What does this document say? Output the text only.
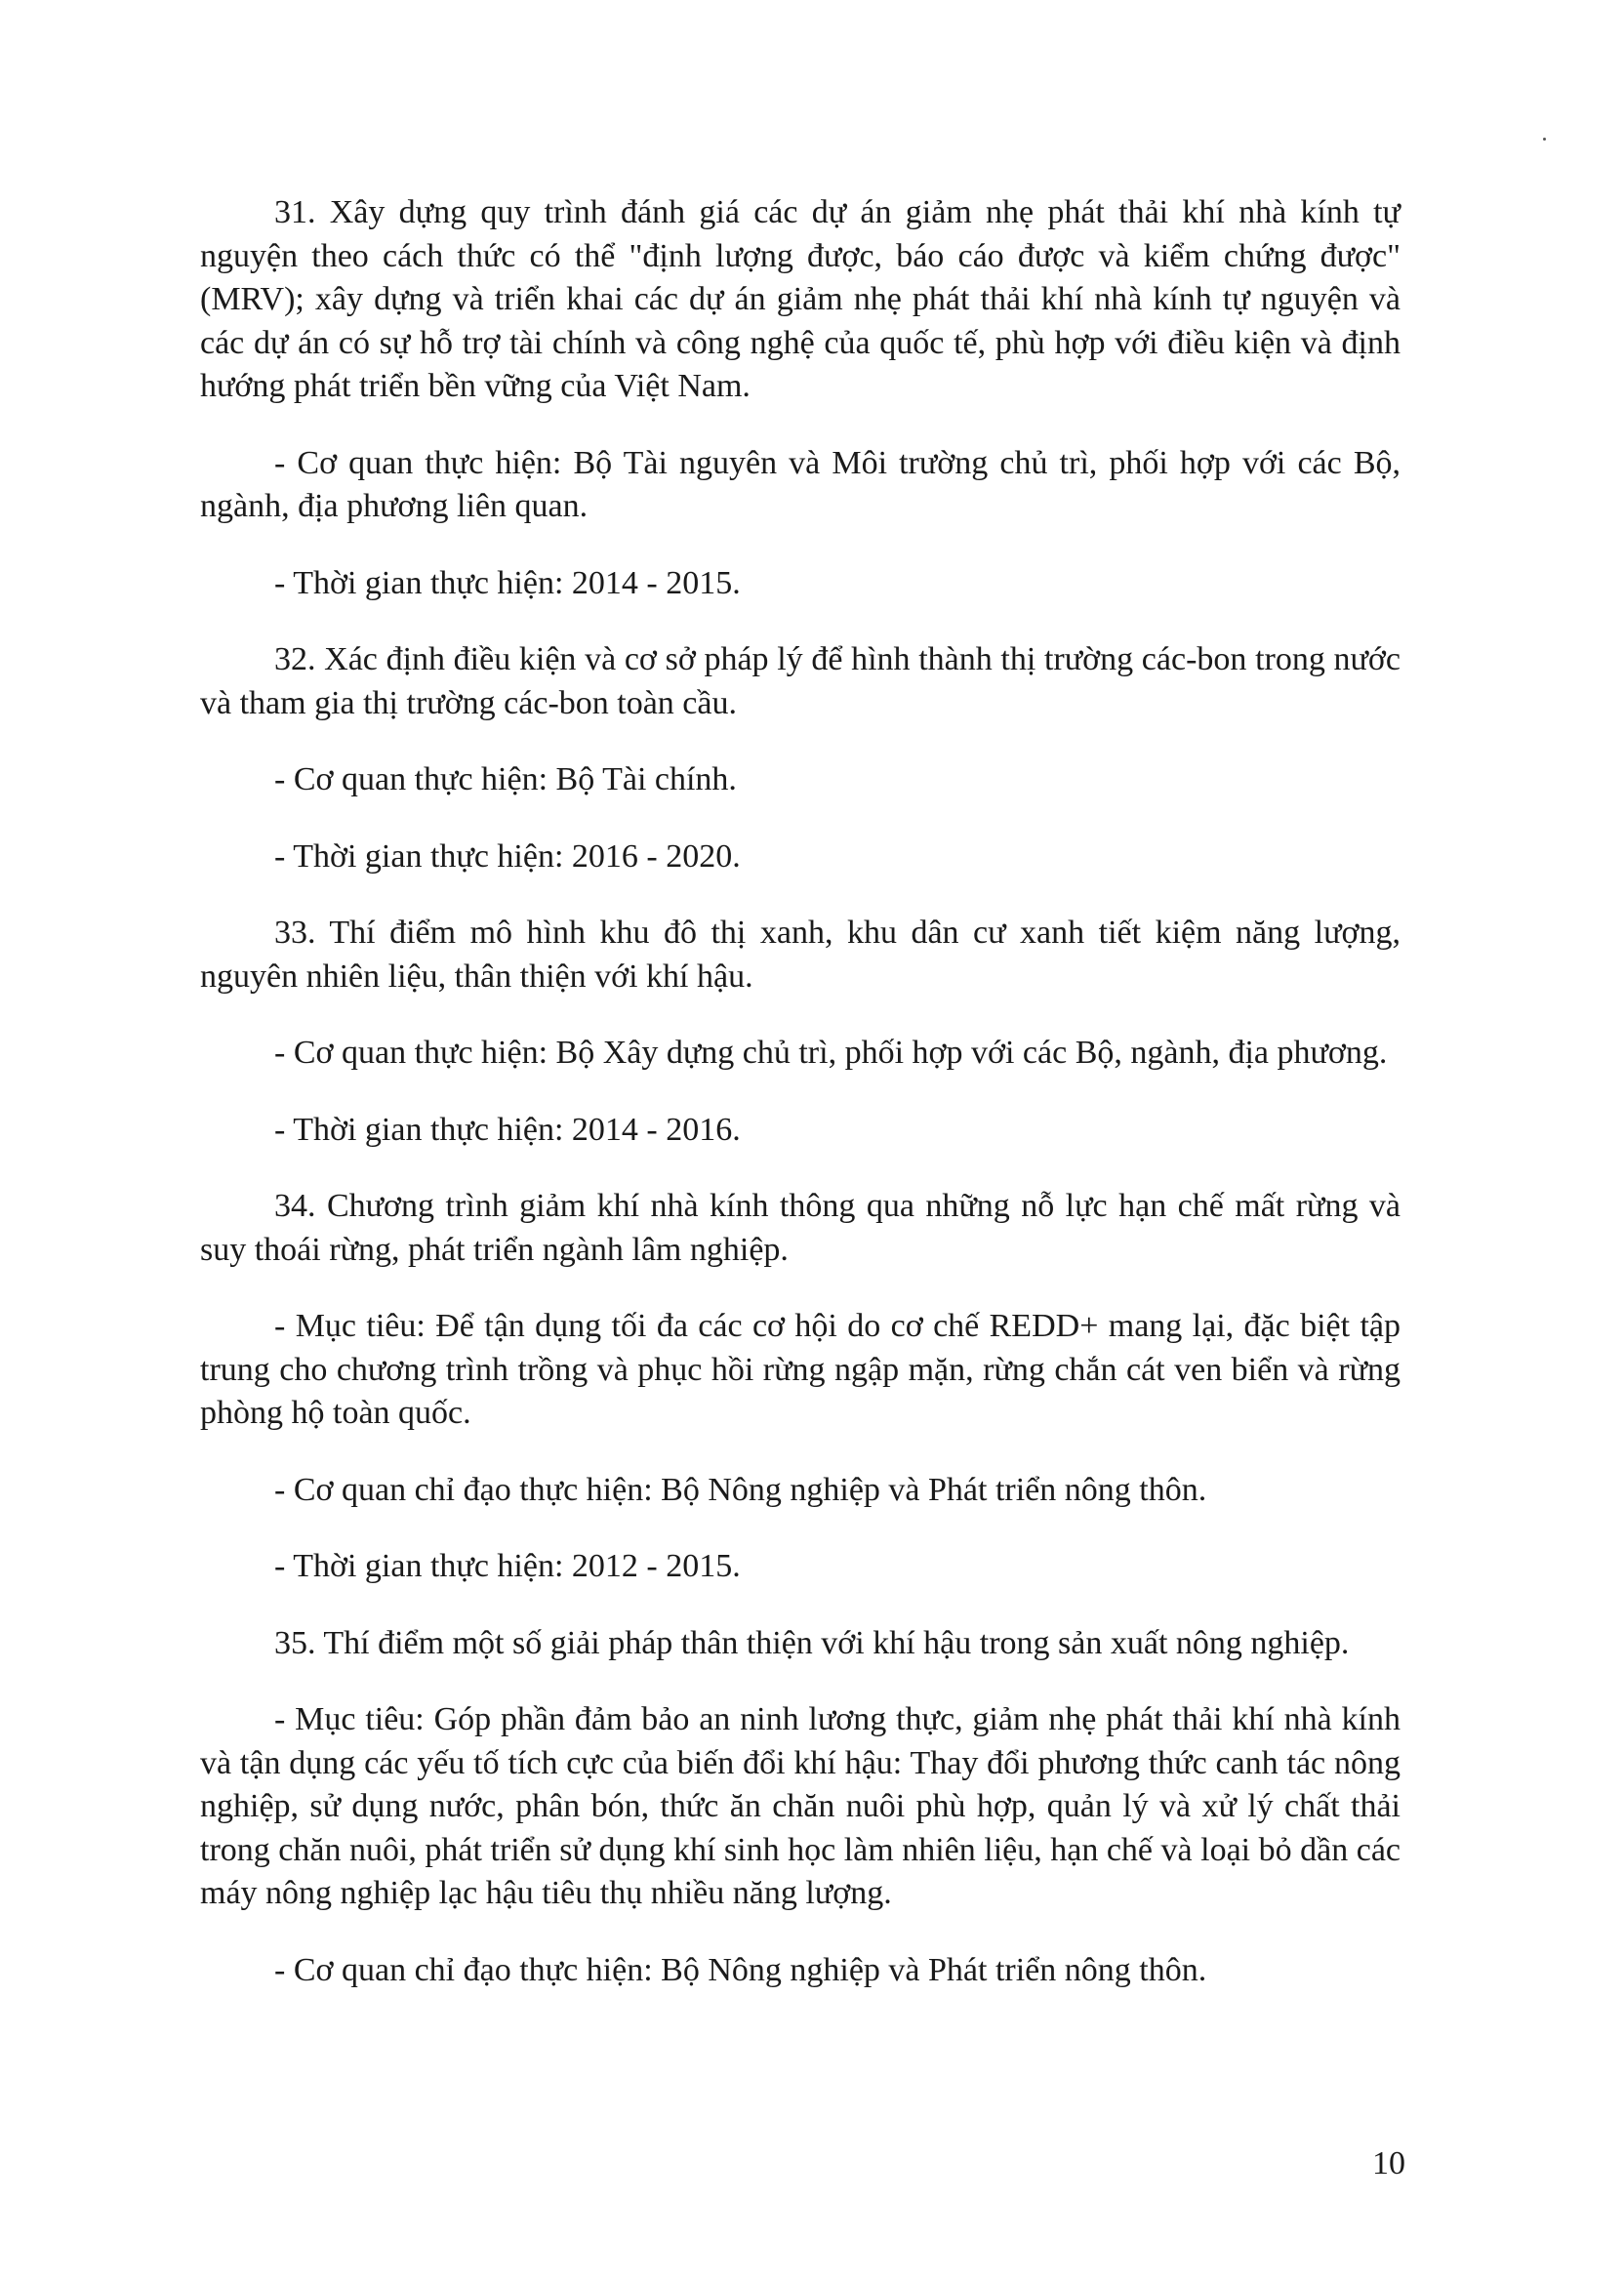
31. Xây dựng quy trình đánh giá các dự án giảm nhẹ phát thải khí nhà kính tự nguyện theo cách thức có thể "định lượng được, báo cáo được và kiểm chứng được" (MRV); xây dựng và triển khai các dự án giảm nhẹ phát thải khí nhà kính tự nguyện và các dự án có sự hỗ trợ tài chính và công nghệ của quốc tế, phù hợp với điều kiện và định hướng phát triển bền vững của Việt Nam.

- Cơ quan thực hiện: Bộ Tài nguyên và Môi trường chủ trì, phối hợp với các Bộ, ngành, địa phương liên quan.

- Thời gian thực hiện: 2014 - 2015.

32. Xác định điều kiện và cơ sở pháp lý để hình thành thị trường các-bon trong nước và tham gia thị trường các-bon toàn cầu.

- Cơ quan thực hiện: Bộ Tài chính.

- Thời gian thực hiện: 2016 - 2020.

33. Thí điểm mô hình khu đô thị xanh, khu dân cư xanh tiết kiệm năng lượng, nguyên nhiên liệu, thân thiện với khí hậu.

- Cơ quan thực hiện: Bộ Xây dựng chủ trì, phối hợp với các Bộ, ngành, địa phương.

- Thời gian thực hiện: 2014 - 2016.

34. Chương trình giảm khí nhà kính thông qua những nỗ lực hạn chế mất rừng và suy thoái rừng, phát triển ngành lâm nghiệp.

- Mục tiêu: Để tận dụng tối đa các cơ hội do cơ chế REDD+ mang lại, đặc biệt tập trung cho chương trình trồng và phục hồi rừng ngập mặn, rừng chắn cát ven biển và rừng phòng hộ toàn quốc.

- Cơ quan chỉ đạo thực hiện: Bộ Nông nghiệp và Phát triển nông thôn.

- Thời gian thực hiện: 2012 - 2015.

35. Thí điểm một số giải pháp thân thiện với khí hậu trong sản xuất nông nghiệp.

- Mục tiêu: Góp phần đảm bảo an ninh lương thực, giảm nhẹ phát thải khí nhà kính và tận dụng các yếu tố tích cực của biến đổi khí hậu: Thay đổi phương thức canh tác nông nghiệp, sử dụng nước, phân bón, thức ăn chăn nuôi phù hợp, quản lý và xử lý chất thải trong chăn nuôi, phát triển sử dụng khí sinh học làm nhiên liệu, hạn chế và loại bỏ dần các máy nông nghiệp lạc hậu tiêu thụ nhiều năng lượng.

- Cơ quan chỉ đạo thực hiện: Bộ Nông nghiệp và Phát triển nông thôn.

10
